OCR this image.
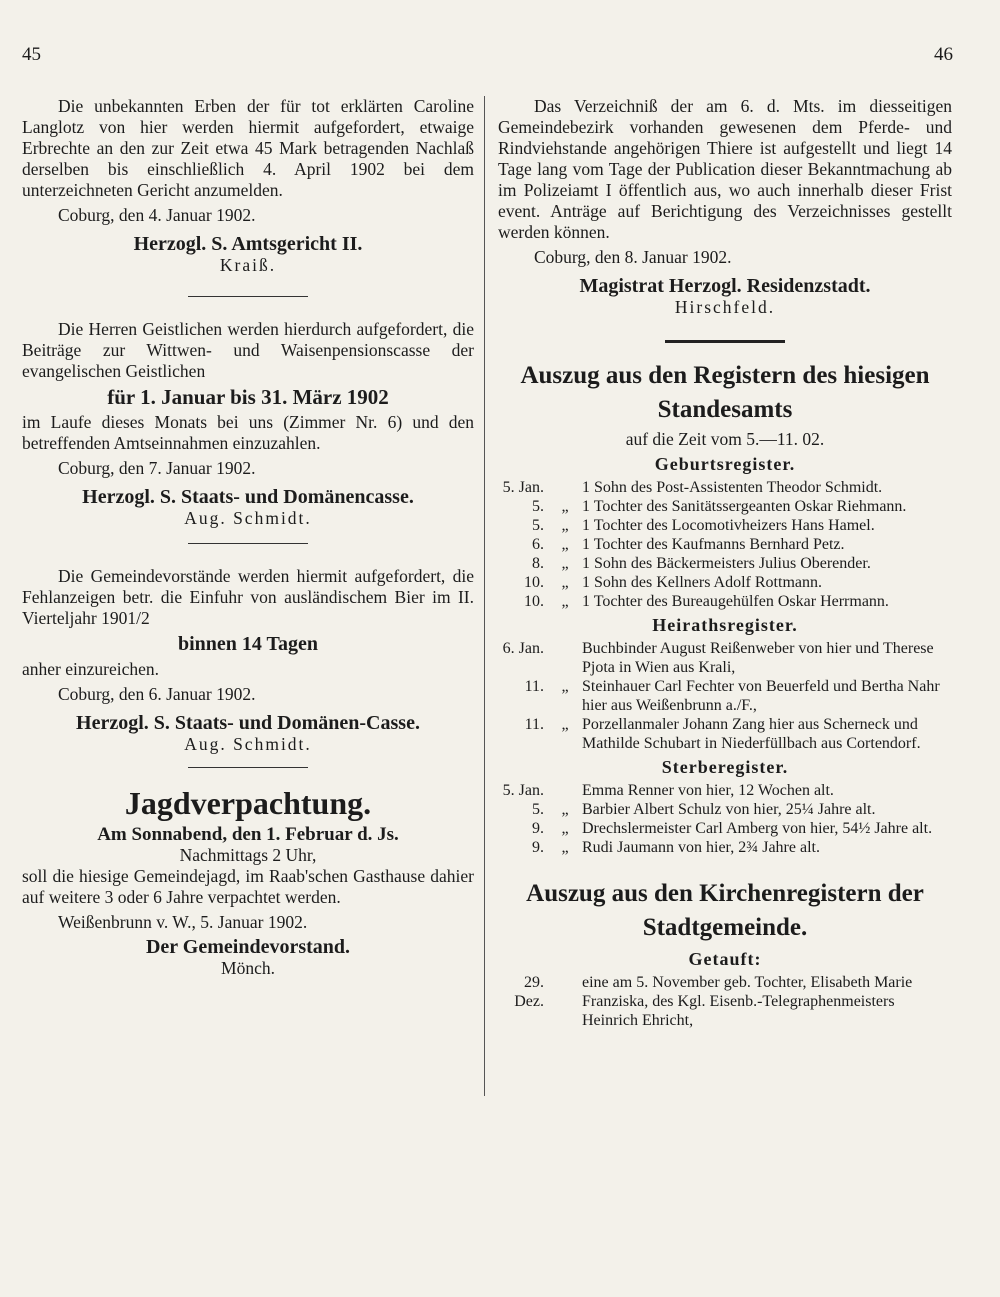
45	46

Die unbekannten Erben der für tot erklärten Caroline Langlotz von hier werden hiermit aufgefordert, etwaige Erbrechte an den zur Zeit etwa 45 Mark betragenden Nachlaß derselben bis einschließlich 4. April 1902 bei dem unterzeichneten Gericht anzumelden.

Coburg, den 4. Januar 1902.

Herzogl. S. Amtsgericht II.

Kraiß.

Die Herren Geistlichen werden hierdurch aufgefordert, die Beiträge zur Wittwen- und Waisenpensionscasse der evangelischen Geistlichen

für 1. Januar bis 31. März 1902

im Laufe dieses Monats bei uns (Zimmer Nr. 6) und den betreffenden Amtseinnahmen einzuzahlen.

Coburg, den 7. Januar 1902.

Herzogl. S. Staats- und Domänencasse.

Aug. Schmidt.

Die Gemeindevorstände werden hiermit aufgefordert, die Fehlanzeigen betr. die Einfuhr von ausländischem Bier im II. Vierteljahr 1901/2

binnen 14 Tagen

anher einzureichen.

Coburg, den 6. Januar 1902.

Herzogl. S. Staats- und Domänen-Casse.

Aug. Schmidt.

Jagdverpachtung.

Am Sonnabend, den 1. Februar d. Js.

Nachmittags 2 Uhr,

soll die hiesige Gemeindejagd, im Raab'schen Gasthause dahier auf weitere 3 oder 6 Jahre verpachtet werden.

Weißenbrunn v. W., 5. Januar 1902.

Der Gemeindevorstand.

Mönch.

Das Verzeichniß der am 6. d. Mts. im diesseitigen Gemeindebezirk vorhanden gewesenen dem Pferde- und Rindviehstande angehörigen Thiere ist aufgestellt und liegt 14 Tage lang vom Tage der Publication dieser Bekanntmachung ab im Polizeiamt I öffentlich aus, wo auch innerhalb dieser Frist event. Anträge auf Berichtigung des Verzeichnisses gestellt werden können.

Coburg, den 8. Januar 1902.

Magistrat Herzogl. Residenzstadt.

Hirschfeld.

Auszug aus den Registern des hiesigen Standesamts

auf die Zeit vom 5.—11. 02.

Geburtsregister.

5. Jan.		1 Sohn des Post-Assistenten Theodor Schmidt.
5.	„	1 Tochter des Sanitätssergeanten Oskar Riehmann.
5.	„	1 Tochter des Locomotivheizers Hans Hamel.
6.	„	1 Tochter des Kaufmanns Bernhard Petz.
8.	„	1 Sohn des Bäckermeisters Julius Oberender.
10.	„	1 Sohn des Kellners Adolf Rottmann.
10.	„	1 Tochter des Bureaugehülfen Oskar Herrmann.

Heirathsregister.

6. Jan.		Buchbinder August Reißenweber von hier und Therese Pjota in Wien aus Krali,
11.	„	Steinhauer Carl Fechter von Beuerfeld und Bertha Nahr hier aus Weißenbrunn a./F.,
11.	„	Porzellanmaler Johann Zang hier aus Scherneck und Mathilde Schubart in Niederfüllbach aus Cortendorf.

Sterberegister.

5. Jan.		Emma Renner von hier, 12 Wochen alt.
5.	„	Barbier Albert Schulz von hier, 25¼ Jahre alt.
9.	„	Drechslermeister Carl Amberg von hier, 54½ Jahre alt.
9.	„	Rudi Jaumann von hier, 2¾ Jahre alt.

Auszug aus den Kirchenregistern der Stadtgemeinde.

Getauft:

29. Dez.		eine am 5. November geb. Tochter, Elisabeth Marie Franziska, des Kgl. Eisenb.-Telegraphenmeisters Heinrich Ehricht,
